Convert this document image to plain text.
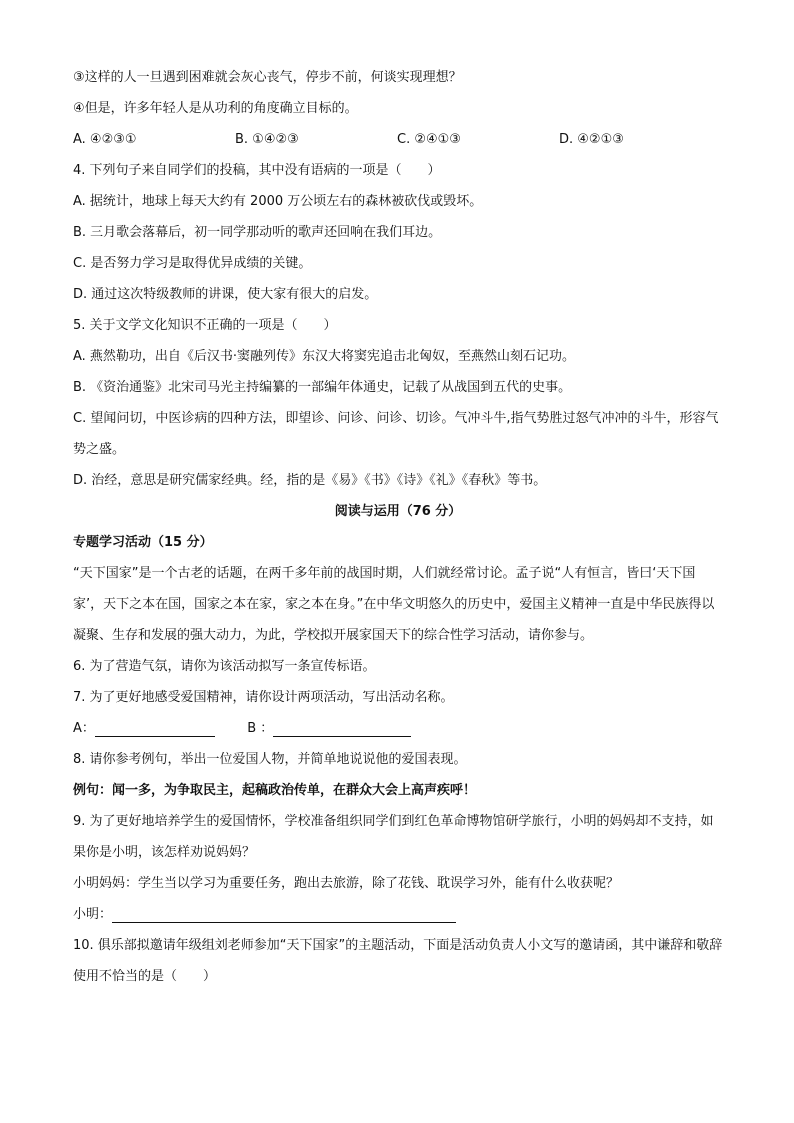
③这样的人一旦遇到困难就会灰心丧气，停步不前，何谈实现理想？
④但是，许多年轻人是从功利的角度确立目标的。
A. ④②③①	B. ①④②③	C. ②④①③	D. ④②①③
4. 下列句子来自同学们的投稿，其中没有语病的一项是（　　）
A. 据统计，地球上每天大约有 2000 万公顷左右的森林被砍伐或毁坏。
B. 三月歌会落幕后，初一同学那动听的歌声还回响在我们耳边。
C. 是否努力学习是取得优异成绩的关键。
D. 通过这次特级教师的讲课，使大家有很大的启发。
5. 关于文学文化知识不正确的一项是（　　）
A. 燕然勒功，出自《后汉书·窦融列传》东汉大将窦宪追击北匈奴，至燕然山刻石记功。
B. 《资治通鉴》北宋司马光主持编纂的一部编年体通史，记载了从战国到五代的史事。
C. 望闻问切，中医诊病的四种方法，即望诊、问诊、问诊、切诊。气冲斗牛,指气势胜过怒气冲冲的斗牛，形容气势之盛。
D. 治经，意思是研究儒家经典。经，指的是《易》《书》《诗》《礼》《春秋》等书。
阅读与运用（76 分）
专题学习活动（15 分）
“天下国家”是一个古老的话题，在两千多年前的战国时期，人们就经常讨论。孟子说“人有恒言，皆曰‘天下国家’，天下之本在国，国家之本在家，家之本在身。”在中华文明悠久的历史中，爱国主义精神一直是中华民族得以凝聚、生存和发展的强大动力，为此，学校拟开展家国天下的综合性学习活动，请你参与。
6. 为了营造气氛，请你为该活动拟写一条宣传标语。
7. 为了更好地感受爱国精神，请你设计两项活动，写出活动名称。
A：	B ：
8. 请你参考例句，举出一位爱国人物，并简单地说说他的爱国表现。
例句：闻一多，为争取民主，起稿政治传单，在群众大会上高声疾呼！
9. 为了更好地培养学生的爱国情怀，学校准备组织同学们到红色革命博物馆研学旅行，小明的妈妈却不支持，如果你是小明，该怎样劝说妈妈？
小明妈妈：学生当以学习为重要任务，跑出去旅游，除了花钱、耽误学习外，能有什么收获呢？
小明：
10. 俱乐部拟邀请年级组刘老师参加“天下国家”的主题活动，下面是活动负责人小文写的邀请函，其中谦辞和敬辞使用不恰当的是（　　）
